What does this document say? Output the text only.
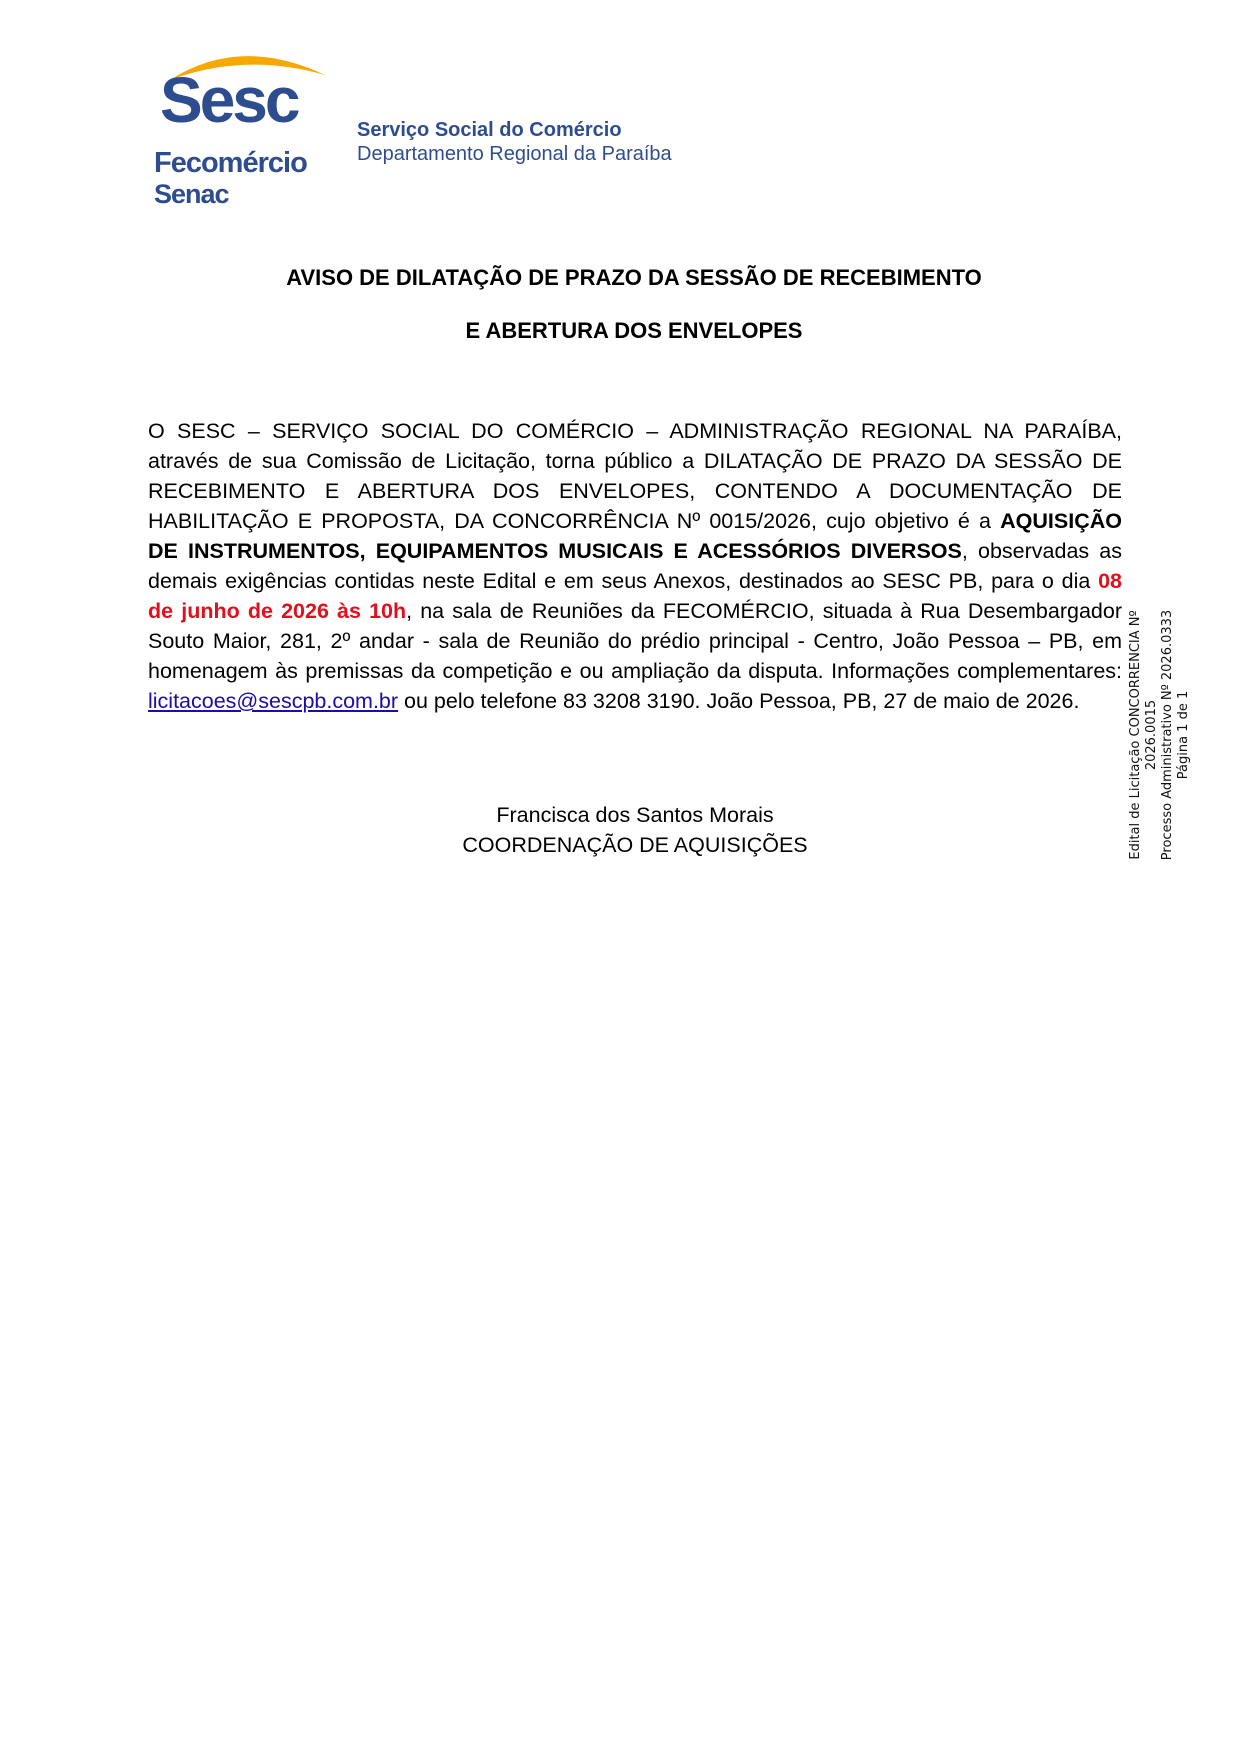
Sesc
Fecomércio
Senac
Serviço Social do Comércio
Departamento Regional da Paraíba
AVISO DE DILATAÇÃO DE PRAZO DA SESSÃO DE RECEBIMENTO
E ABERTURA DOS ENVELOPES
O SESC – SERVIÇO SOCIAL DO COMÉRCIO – ADMINISTRAÇÃO REGIONAL NA PARAÍBA, através de sua Comissão de Licitação, torna público a DILATAÇÃO DE PRAZO DA SESSÃO DE RECEBIMENTO E ABERTURA DOS ENVELOPES, CONTENDO A DOCUMENTAÇÃO DE HABILITAÇÃO E PROPOSTA, DA CONCORRÊNCIA Nº 0015/2026, cujo objetivo é a AQUISIÇÃO DE INSTRUMENTOS, EQUIPAMENTOS MUSICAIS E ACESSÓRIOS DIVERSOS, observadas as demais exigências contidas neste Edital e em seus Anexos, destinados ao SESC PB, para o dia 08 de junho de 2026 às 10h, na sala de Reuniões da FECOMÉRCIO, situada à Rua Desembargador Souto Maior, 281, 2º andar - sala de Reunião do prédio principal - Centro, João Pessoa – PB, em homenagem às premissas da competição e ou ampliação da disputa. Informações complementares: licitacoes@sescpb.com.br ou pelo telefone 83 3208 3190. João Pessoa, PB, 27 de maio de 2026.
Francisca dos Santos Morais
COORDENAÇÃO DE AQUISIÇÕES	Edital de Licitação CONCORRENCIA Nº 2026.0015 Processo Administrativo Nº 2026.0333 Página 1 de 1
